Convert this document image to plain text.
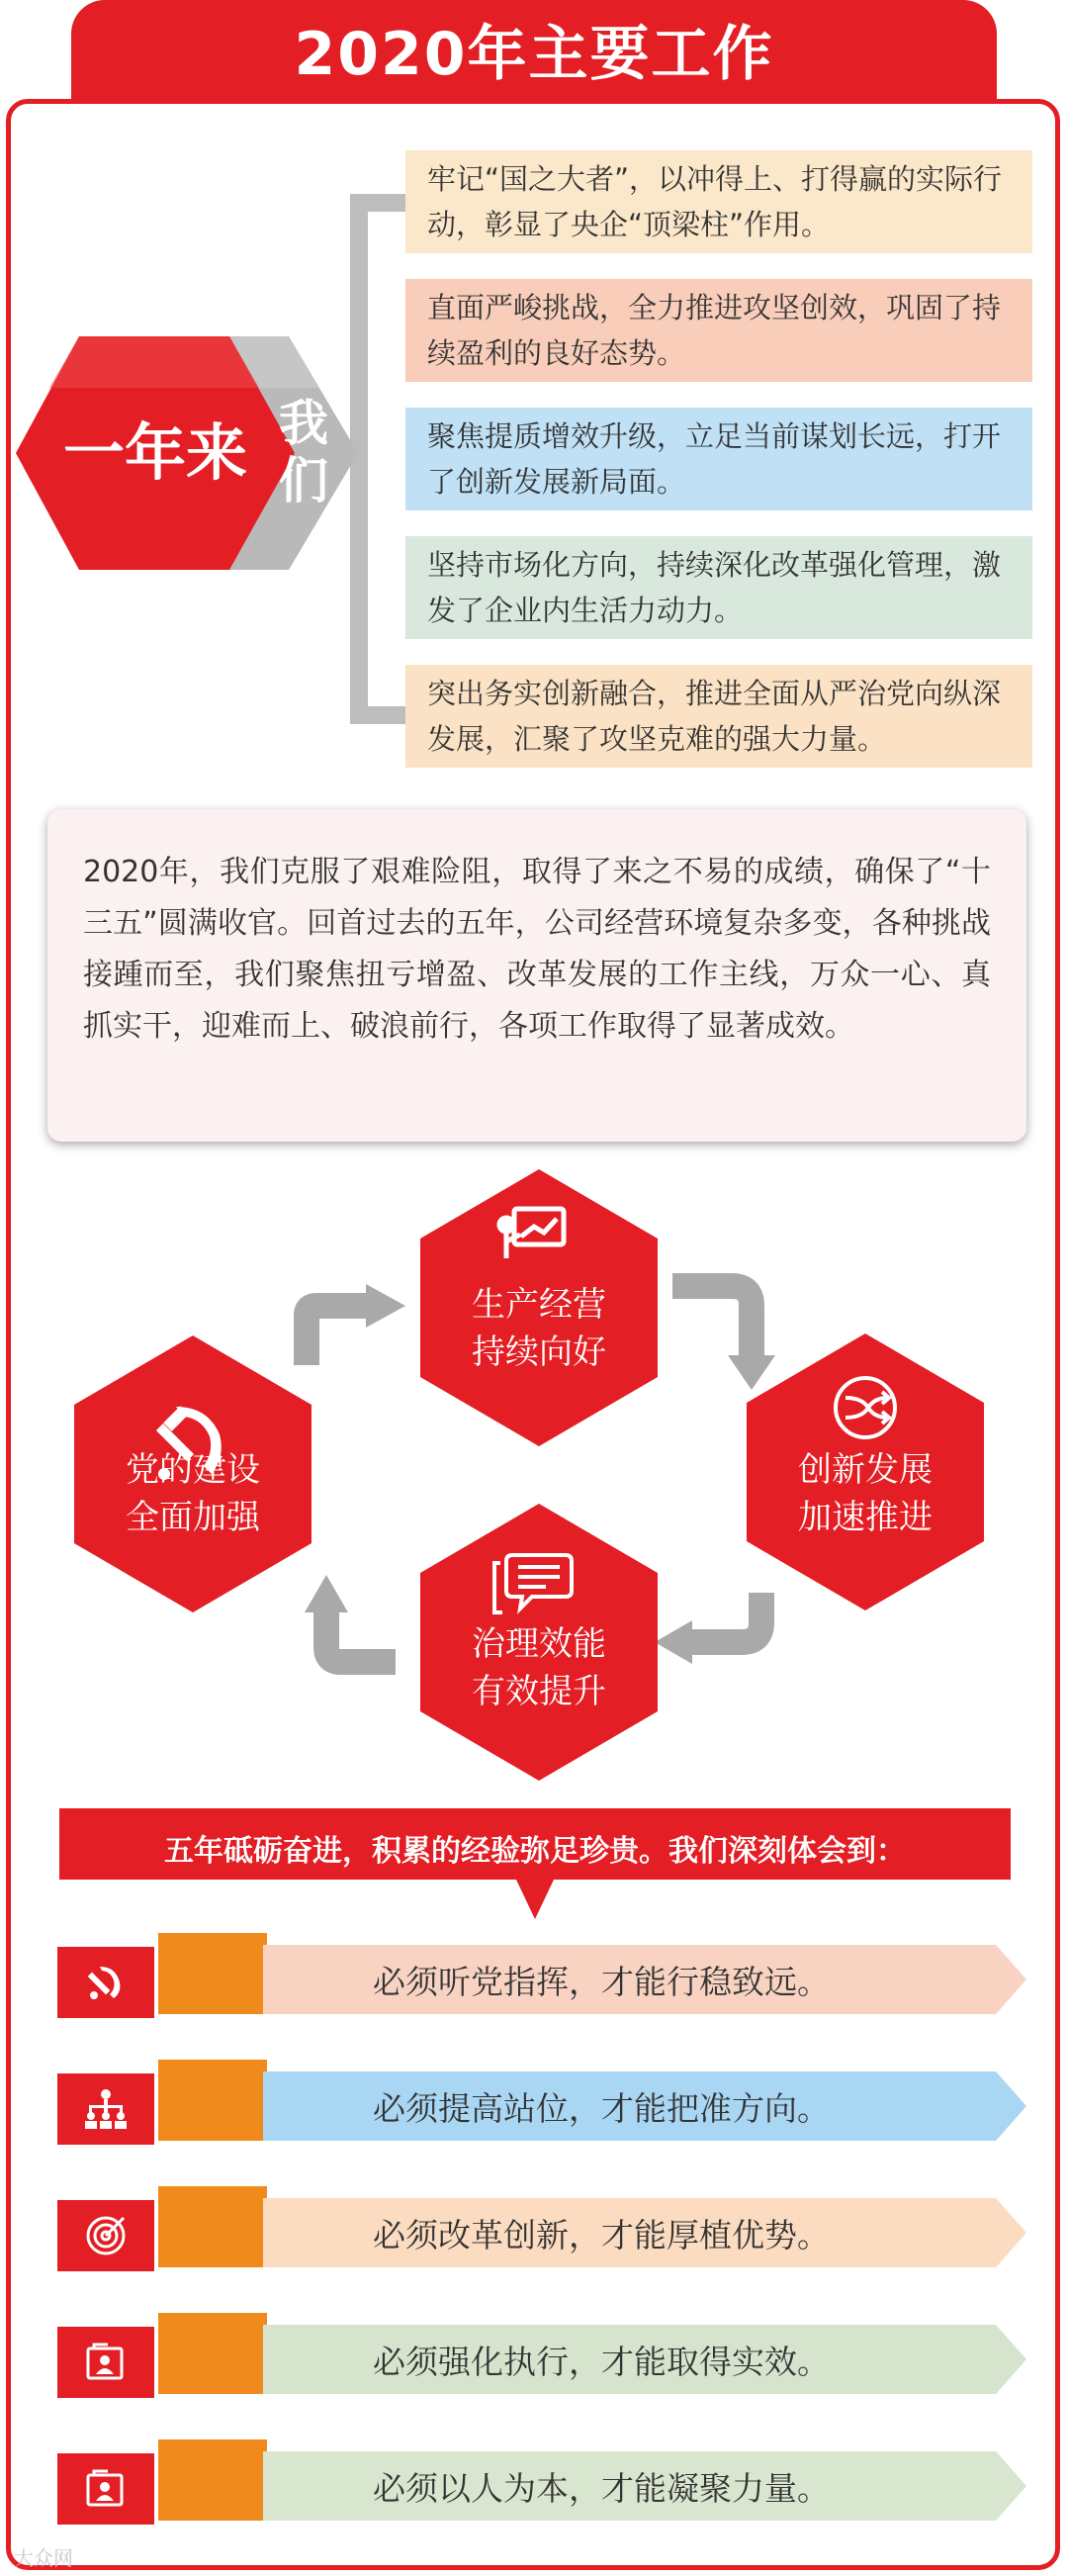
2020年主要工作
一年来 我
们
牢记“国之大者”，以冲得上、打得赢的实际行动，彰显了央企“顶梁柱”作用。
直面严峻挑战，全力推进攻坚创效，巩固了持续盈利的良好态势。
聚焦提质增效升级，立足当前谋划长远，打开了创新发展新局面。
坚持市场化方向，持续深化改革强化管理，激发了企业内生活力动力。
突出务实创新融合，推进全面从严治党向纵深发展，汇聚了攻坚克难的强大力量。
2020年，我们克服了艰难险阻，取得了来之不易的成绩，确保了“十三五”圆满收官。回首过去的五年，公司经营环境复杂多变，各种挑战接踵而至，我们聚焦扭亏增盈、改革发展的工作主线，万众一心、真抓实干，迎难而上、破浪前行，各项工作取得了显著成效。
生产经营
持续向好
创新发展
加速推进
治理效能
有效提升
党的建设
全面加强
五年砥砺奋进，积累的经验弥足珍贵。我们深刻体会到：
必须听党指挥，才能行稳致远。
必须提高站位，才能把准方向。
必须改革创新，才能厚植优势。
必须强化执行，才能取得实效。
必须以人为本，才能凝聚力量。
大众网
